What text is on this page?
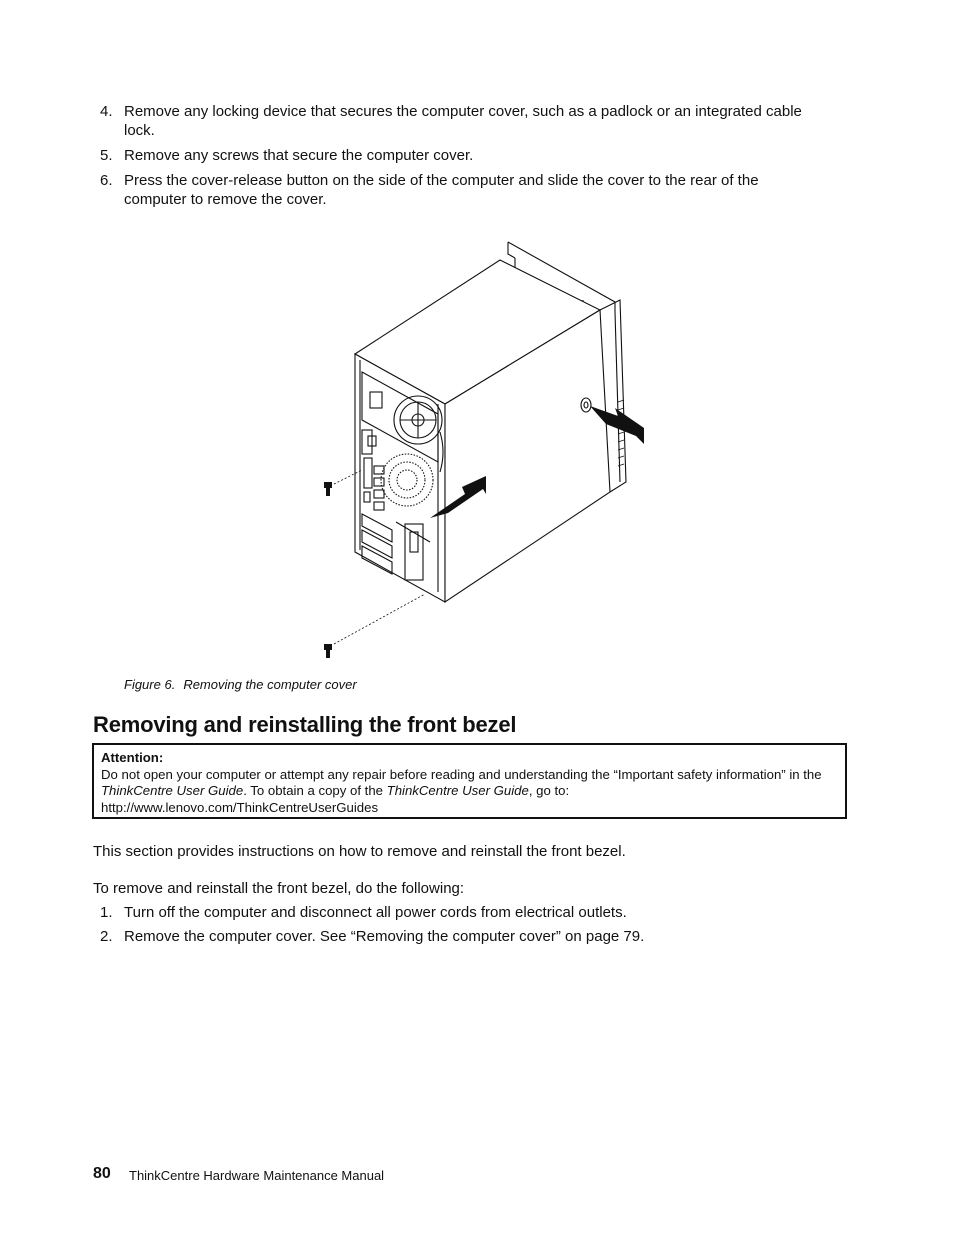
4. Remove any locking device that secures the computer cover, such as a padlock or an integrated cable lock.
5. Remove any screws that secure the computer cover.
6. Press the cover-release button on the side of the computer and slide the cover to the rear of the computer to remove the cover.
Figure 6. Removing the computer cover
Removing and reinstalling the front bezel
Attention:
Do not open your computer or attempt any repair before reading and understanding the “Important safety information” in the ThinkCentre User Guide. To obtain a copy of the ThinkCentre User Guide, go to:
http://www.lenovo.com/ThinkCentreUserGuides
This section provides instructions on how to remove and reinstall the front bezel.
To remove and reinstall the front bezel, do the following:
1. Turn off the computer and disconnect all power cords from electrical outlets.
2. Remove the computer cover. See “Removing the computer cover” on page 79.
80 ThinkCentre Hardware Maintenance Manual
